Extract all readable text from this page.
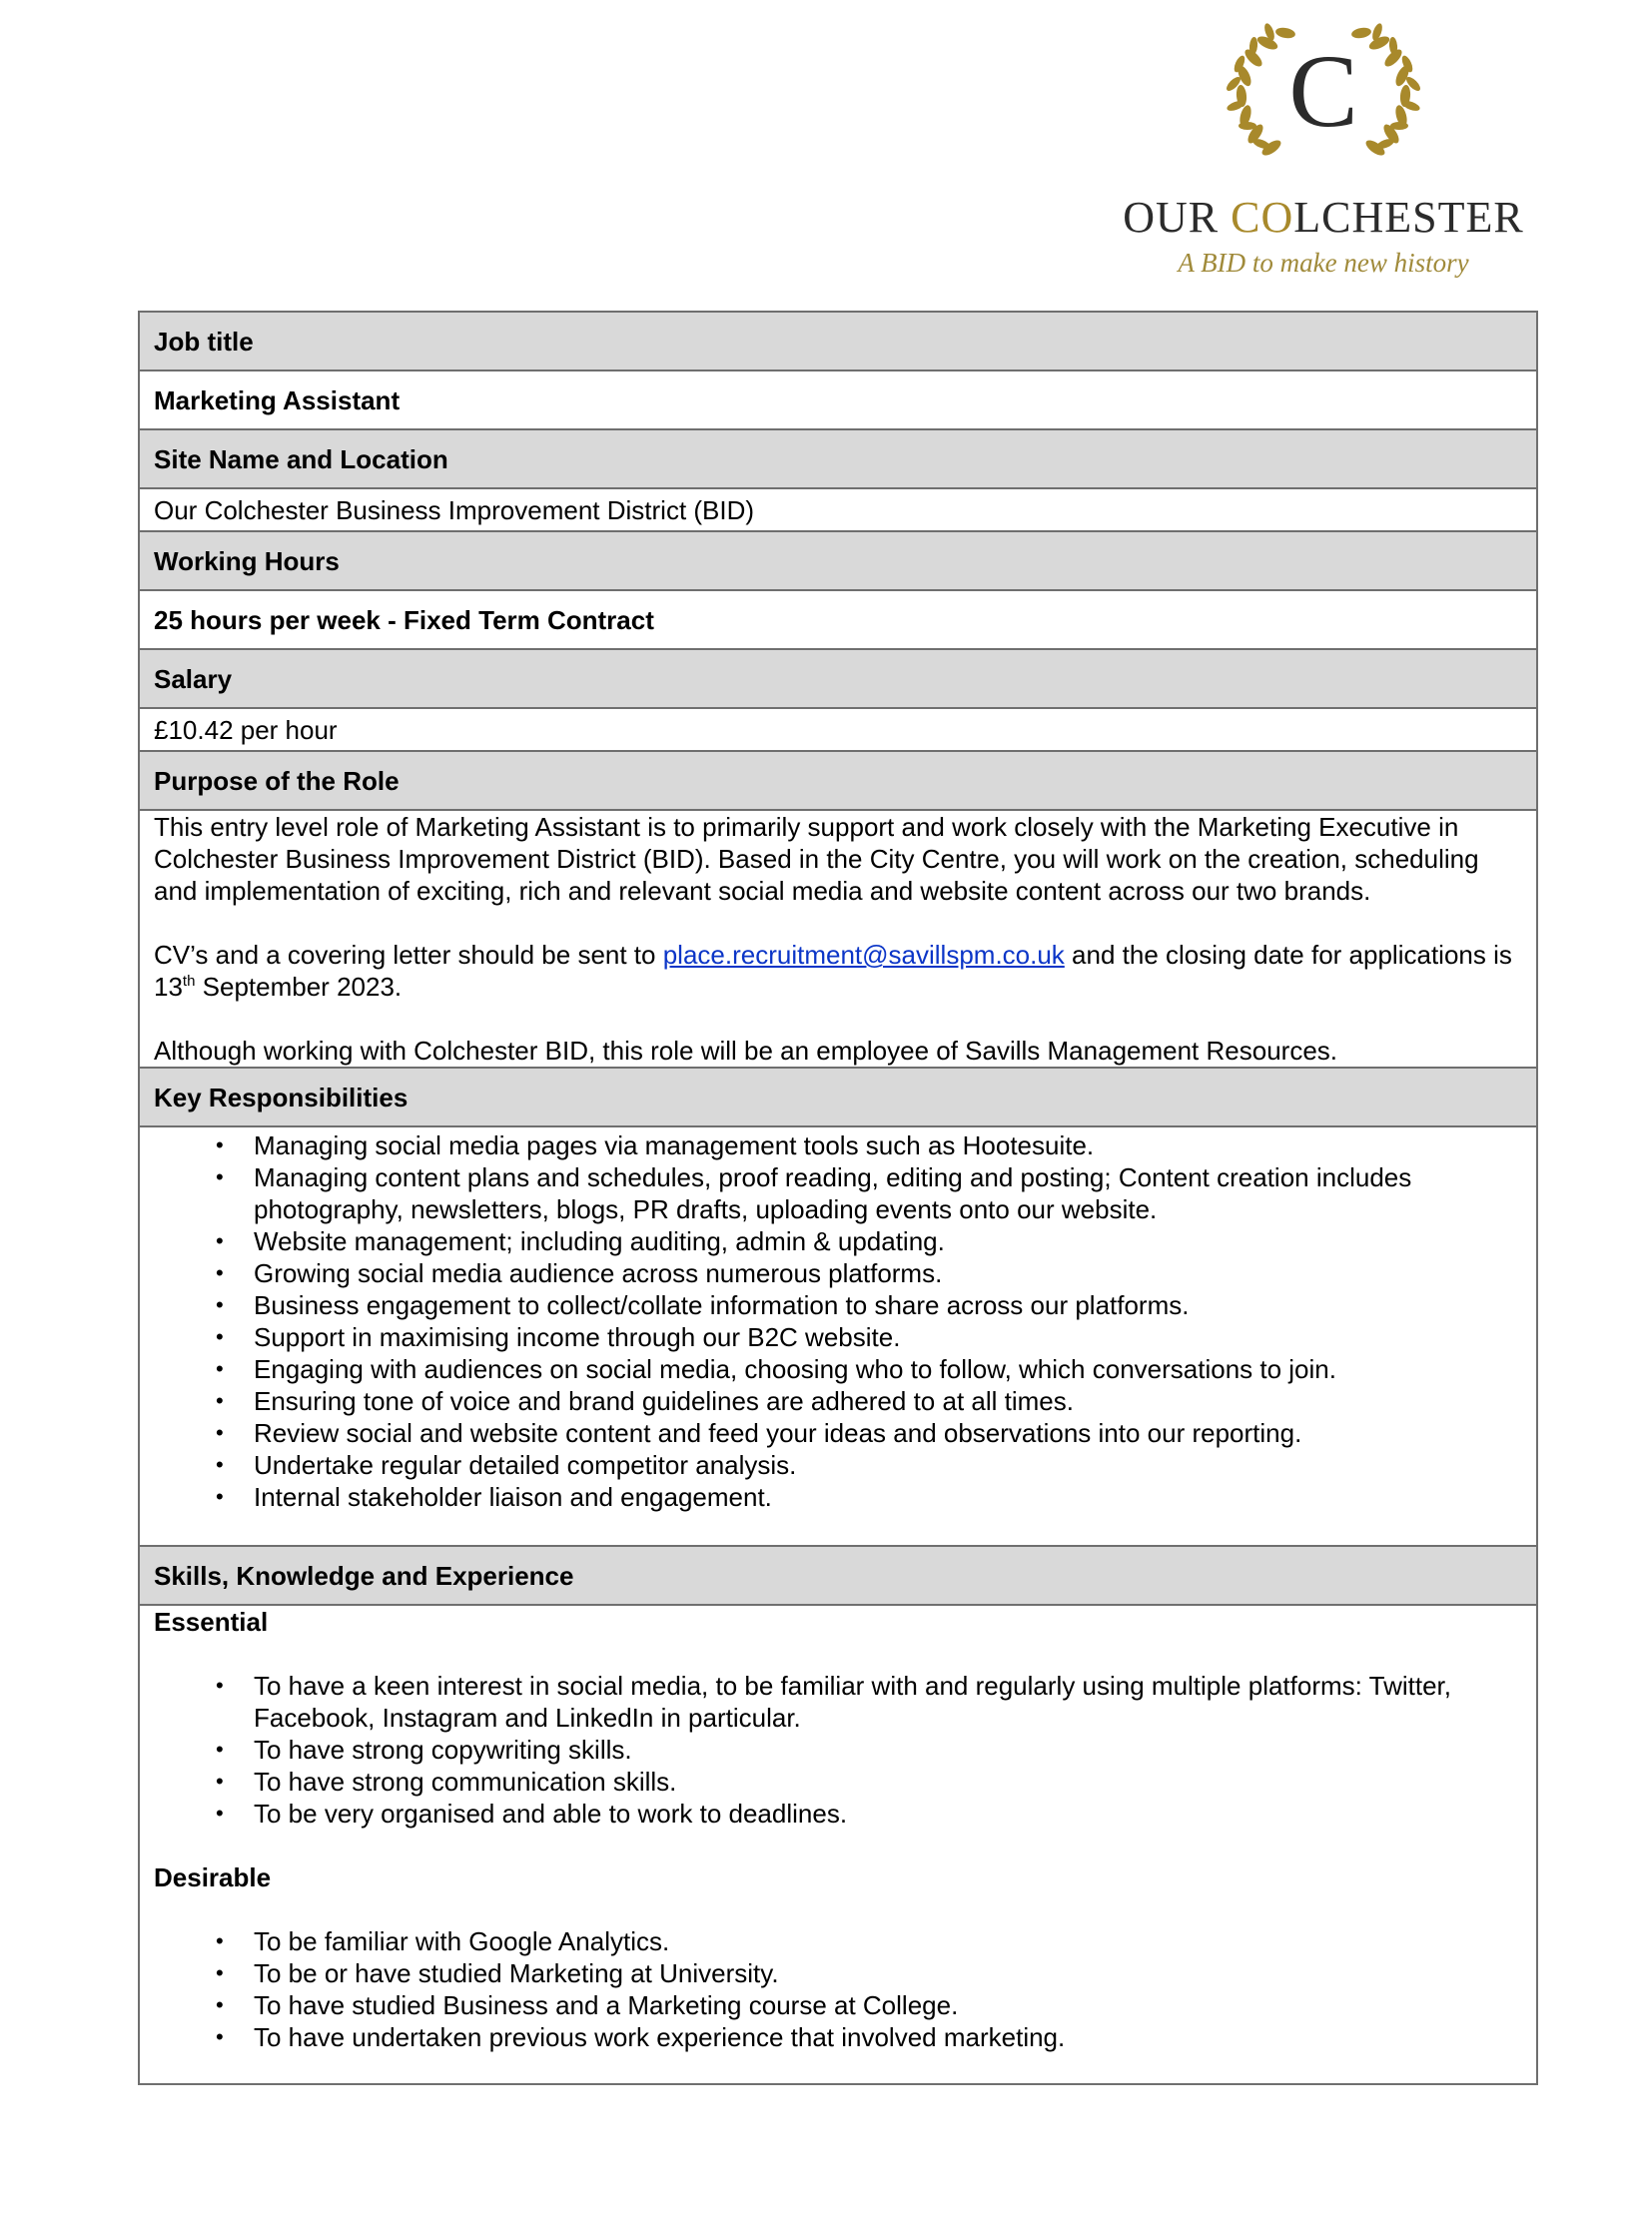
C
OUR COLCHESTER
A BID to make new history
Job title
Marketing Assistant
Site Name and Location
Our Colchester Business Improvement District (BID)
Working Hours
25 hours per week - Fixed Term Contract
Salary
£10.42 per hour
Purpose of the Role

This entry level role of Marketing Assistant is to primarily support and work closely with the Marketing Executive in Colchester Business Improvement District (BID). Based in the City Centre, you will work on the creation, scheduling and implementation of exciting, rich and relevant social media and website content across our two brands.

CV’s and a covering letter should be sent to place.recruitment@savillspm.co.uk and the closing date for applications is 13th September 2023.

Although working with Colchester BID, this role will be an employee of Savills Management Resources.

Key Responsibilities
• Managing social media pages via management tools such as Hootesuite.
• Managing content plans and schedules, proof reading, editing and posting; Content creation includes photography, newsletters, blogs, PR drafts, uploading events onto our website.
• Website management; including auditing, admin & updating.
• Growing social media audience across numerous platforms.
• Business engagement to collect/collate information to share across our platforms.
• Support in maximising income through our B2C website.
• Engaging with audiences on social media, choosing who to follow, which conversations to join.
• Ensuring tone of voice and brand guidelines are adhered to at all times.
• Review social and website content and feed your ideas and observations into our reporting.
• Undertake regular detailed competitor analysis.
• Internal stakeholder liaison and engagement.
Skills, Knowledge and Experience

Essential

• To have a keen interest in social media, to be familiar with and regularly using multiple platforms: Twitter, Facebook, Instagram and LinkedIn in particular.
• To have strong copywriting skills.
• To have strong communication skills.
• To be very organised and able to work to deadlines.

Desirable

• To be familiar with Google Analytics.
• To be or have studied Marketing at University.
• To have studied Business and a Marketing course at College.
• To have undertaken previous work experience that involved marketing.
